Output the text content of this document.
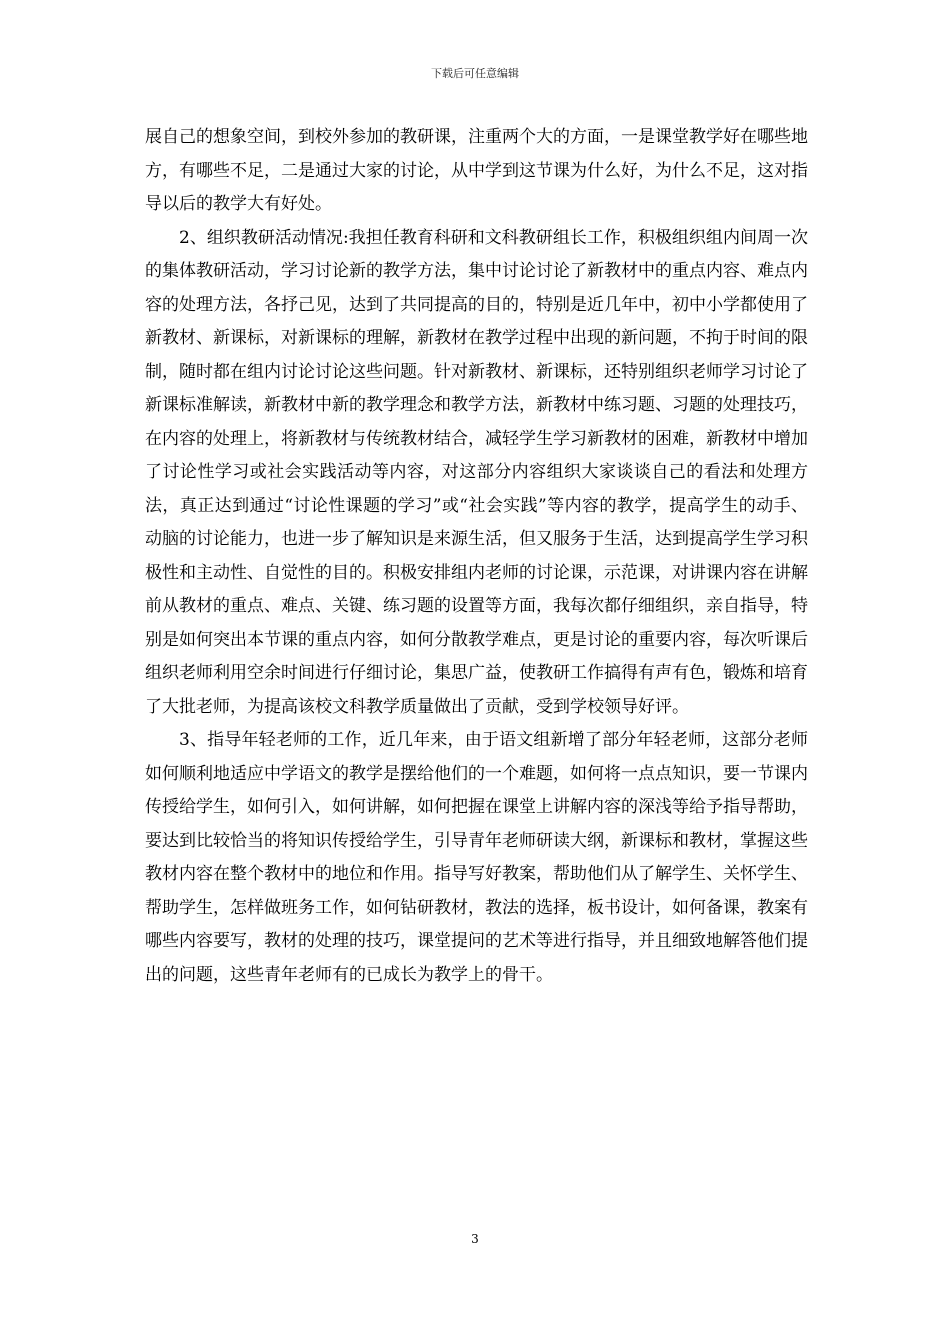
下载后可任意编辑

展自己的想象空间，到校外参加的教研课，注重两个大的方面，一是课堂教学好在哪些地方，有哪些不足，二是通过大家的讨论，从中学到这节课为什么好，为什么不足，这对指导以后的教学大有好处。

2、组织教研活动情况:我担任教育科研和文科教研组长工作，积极组织组内间周一次的集体教研活动，学习讨论新的教学方法，集中讨论讨论了新教材中的重点内容、难点内容的处理方法，各抒己见，达到了共同提高的目的，特别是近几年中，初中小学都使用了新教材、新课标，对新课标的理解，新教材在教学过程中出现的新问题，不拘于时间的限制，随时都在组内讨论讨论这些问题。针对新教材、新课标，还特别组织老师学习讨论了新课标准解读，新教材中新的教学理念和教学方法，新教材中练习题、习题的处理技巧，在内容的处理上，将新教材与传统教材结合，减轻学生学习新教材的困难，新教材中增加了讨论性学习或社会实践活动等内容，对这部分内容组织大家谈谈自己的看法和处理方法，真正达到通过“讨论性课题的学习”或“社会实践”等内容的教学，提高学生的动手、动脑的讨论能力，也进一步了解知识是来源生活，但又服务于生活，达到提高学生学习积极性和主动性、自觉性的目的。积极安排组内老师的讨论课，示范课，对讲课内容在讲解前从教材的重点、难点、关键、练习题的设置等方面，我每次都仔细组织，亲自指导，特别是如何突出本节课的重点内容，如何分散教学难点，更是讨论的重要内容，每次听课后组织老师利用空余时间进行仔细讨论，集思广益，使教研工作搞得有声有色，锻炼和培育了大批老师，为提高该校文科教学质量做出了贡献，受到学校领导好评。

3、指导年轻老师的工作，近几年来，由于语文组新增了部分年轻老师，这部分老师如何顺利地适应中学语文的教学是摆给他们的一个难题，如何将一点点知识，要一节课内传授给学生，如何引入，如何讲解，如何把握在课堂上讲解内容的深浅等给予指导帮助，要达到比较恰当的将知识传授给学生，引导青年老师研读大纲，新课标和教材，掌握这些教材内容在整个教材中的地位和作用。指导写好教案，帮助他们从了解学生、关怀学生、帮助学生，怎样做班务工作，如何钻研教材，教法的选择，板书设计，如何备课，教案有哪些内容要写，教材的处理的技巧，课堂提问的艺术等进行指导，并且细致地解答他们提出的问题，这些青年老师有的已成长为教学上的骨干。

3
